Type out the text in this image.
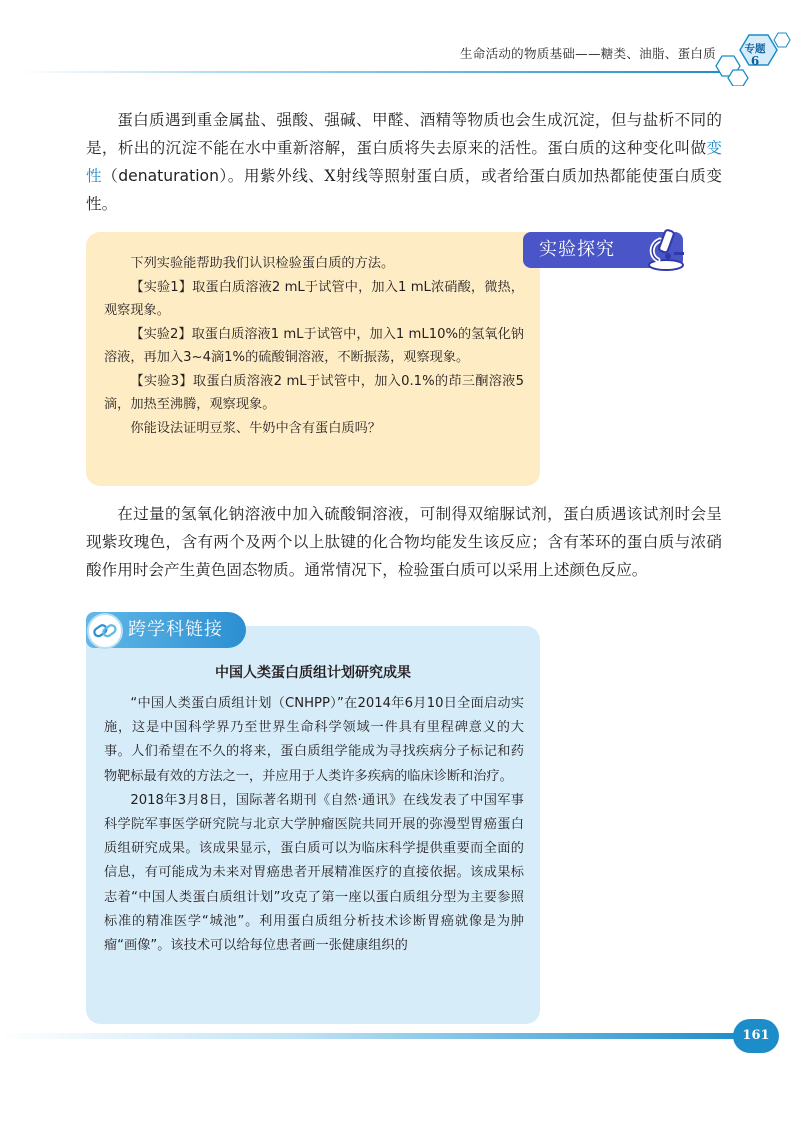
生命活动的物质基础——糖类、油脂、蛋白质	专题
6

蛋白质遇到重金属盐、强酸、强碱、甲醛、酒精等物质也会生成沉淀，但与盐析不同的是，析出的沉淀不能在水中重新溶解，蛋白质将失去原来的活性。蛋白质的这种变化叫做变性（denaturation）。用紫外线、X射线等照射蛋白质，或者给蛋白质加热都能使蛋白质变性。

实验探究

下列实验能帮助我们认识检验蛋白质的方法。

【实验1】取蛋白质溶液2 mL于试管中，加入1 mL浓硝酸，微热，观察现象。

【实验2】取蛋白质溶液1 mL于试管中，加入1 mL10%的氢氧化钠溶液，再加入3~4滴1%的硫酸铜溶液，不断振荡，观察现象。

【实验3】取蛋白质溶液2 mL于试管中，加入0.1%的茚三酮溶液5滴，加热至沸腾，观察现象。

你能设法证明豆浆、牛奶中含有蛋白质吗？

在过量的氢氧化钠溶液中加入硫酸铜溶液，可制得双缩脲试剂，蛋白质遇该试剂时会呈现紫玫瑰色，含有两个及两个以上肽键的化合物均能发生该反应；含有苯环的蛋白质与浓硝酸作用时会产生黄色固态物质。通常情况下，检验蛋白质可以采用上述颜色反应。

跨学科链接
中国人类蛋白质组计划研究成果

“中国人类蛋白质组计划（CNHPP）”在2014年6月10日全面启动实施，这是中国科学界乃至世界生命科学领域一件具有里程碑意义的大事。人们希望在不久的将来，蛋白质组学能成为寻找疾病分子标记和药物靶标最有效的方法之一，并应用于人类许多疾病的临床诊断和治疗。

2018年3月8日，国际著名期刊《自然·通讯》在线发表了中国军事科学院军事医学研究院与北京大学肿瘤医院共同开展的弥漫型胃癌蛋白质组研究成果。该成果显示，蛋白质可以为临床科学提供重要而全面的信息，有可能成为未来对胃癌患者开展精准医疗的直接依据。该成果标志着“中国人类蛋白质组计划”攻克了第一座以蛋白质组分型为主要参照标准的精准医学“城池”。利用蛋白质组分析技术诊断胃癌就像是为肿瘤“画像”。该技术可以给每位患者画一张健康组织的

161
